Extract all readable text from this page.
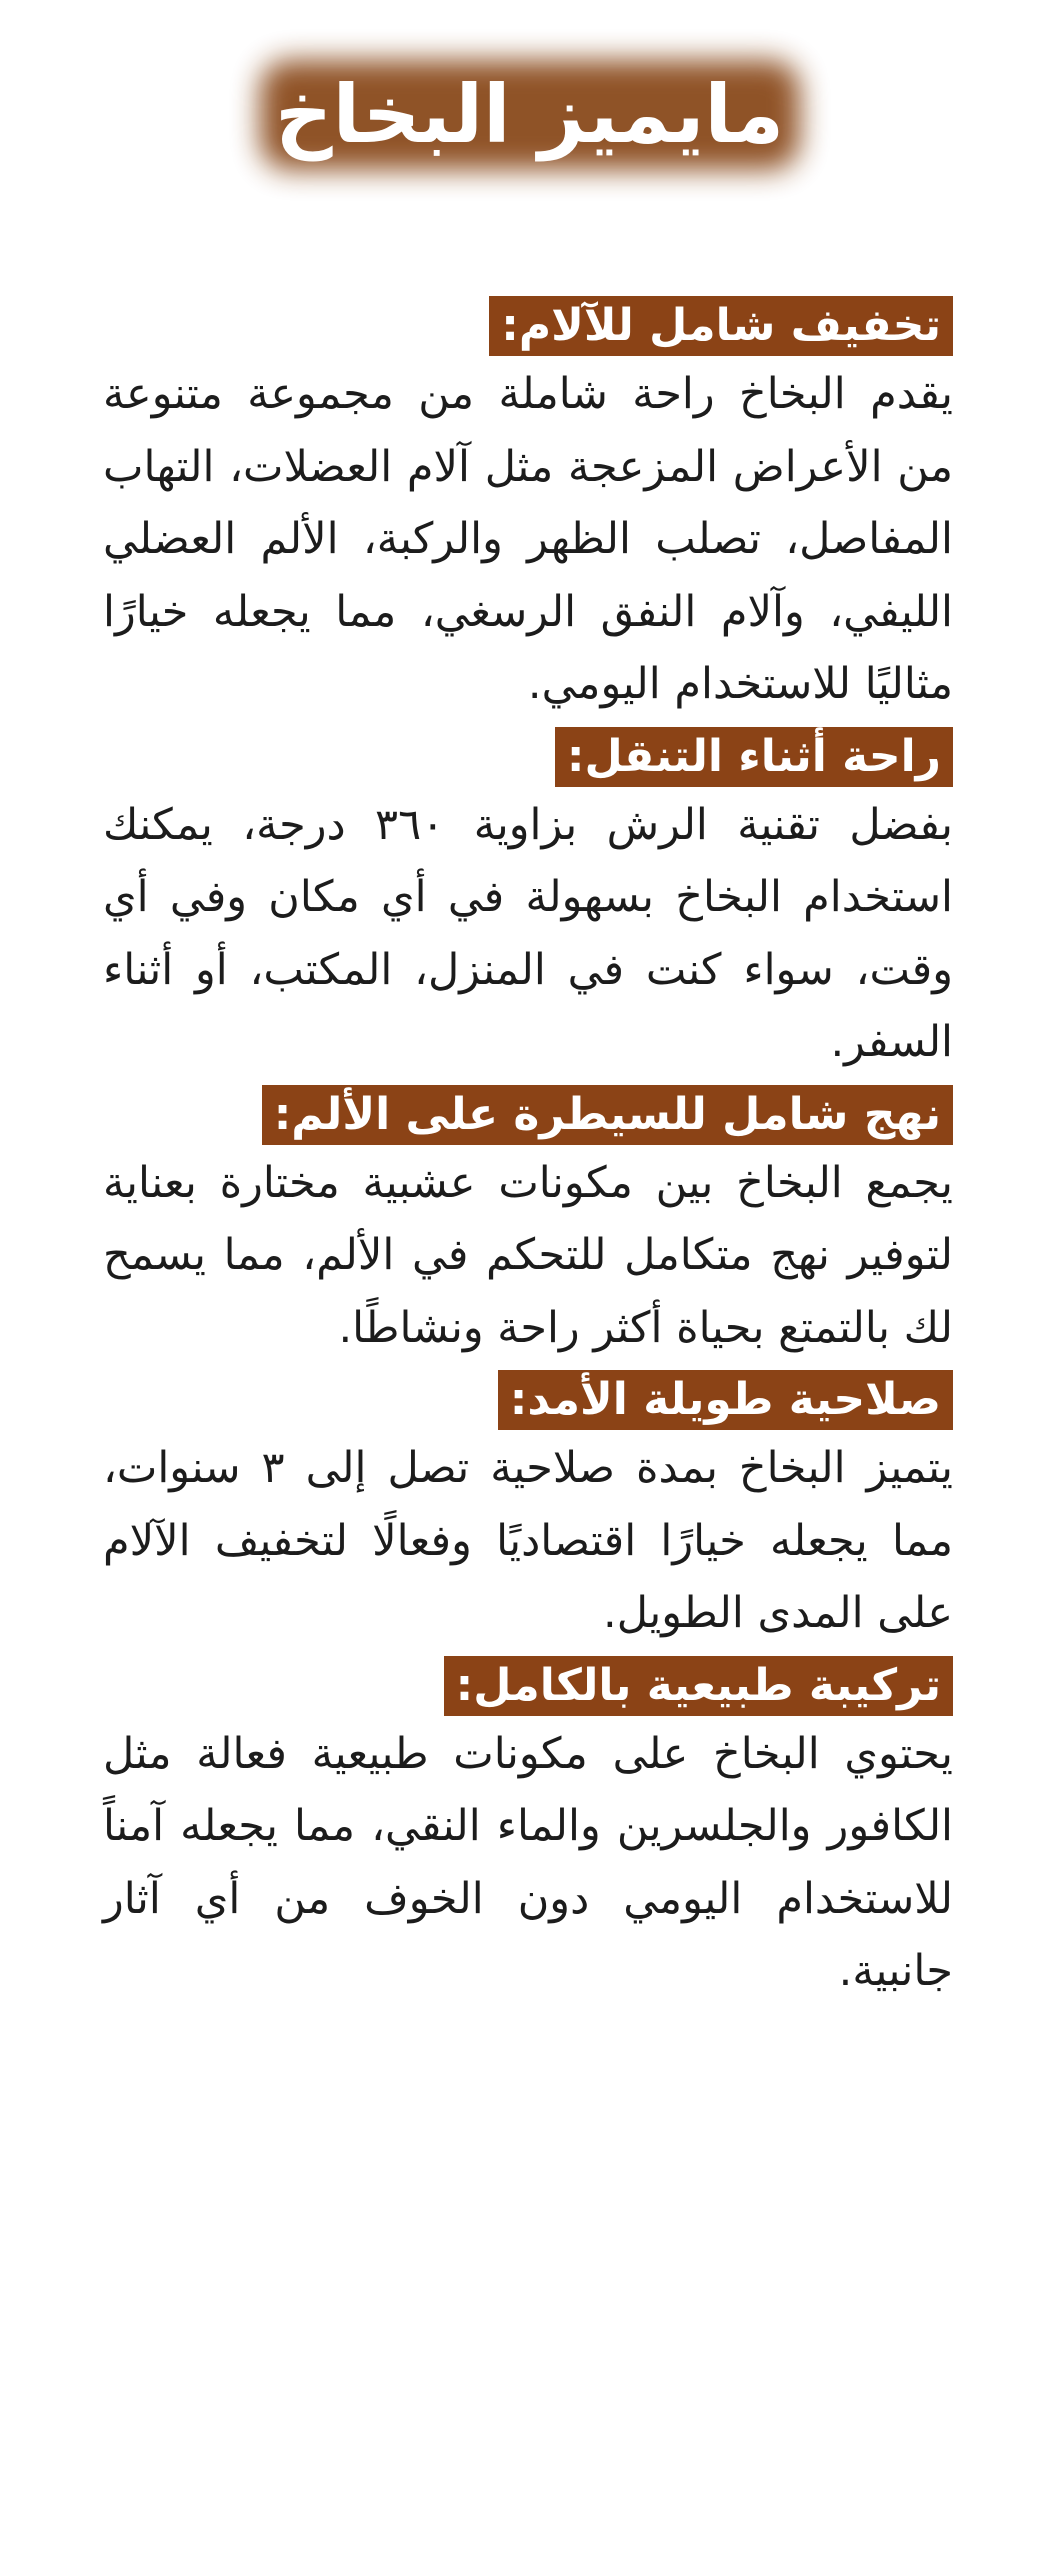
مايميز البخاخ
تخفيف شامل للآلام:

يقدم البخاخ راحة شاملة من مجموعة متنوعة من الأعراض المزعجة مثل آلام العضلات، التهاب المفاصل، تصلب الظهر والركبة، الألم العضلي الليفي، وآلام النفق الرسغي، مما يجعله خيارًا مثاليًا للاستخدام اليومي.

راحة أثناء التنقل:

بفضل تقنية الرش بزاوية ٣٦٠ درجة، يمكنك استخدام البخاخ بسهولة في أي مكان وفي أي وقت، سواء كنت في المنزل، المكتب، أو أثناء السفر.

نهج شامل للسيطرة على الألم:

يجمع البخاخ بين مكونات عشبية مختارة بعناية لتوفير نهج متكامل للتحكم في الألم، مما يسمح لك بالتمتع بحياة أكثر راحة ونشاطًا.

صلاحية طويلة الأمد:

يتميز البخاخ بمدة صلاحية تصل إلى ٣ سنوات، مما يجعله خيارًا اقتصاديًا وفعالًا لتخفيف الآلام على المدى الطويل.

تركيبة طبيعية بالكامل:

يحتوي البخاخ على مكونات طبيعية فعالة مثل الكافور والجلسرين والماء النقي، مما يجعله آمناً للاستخدام اليومي دون الخوف من أي آثار جانبية.
